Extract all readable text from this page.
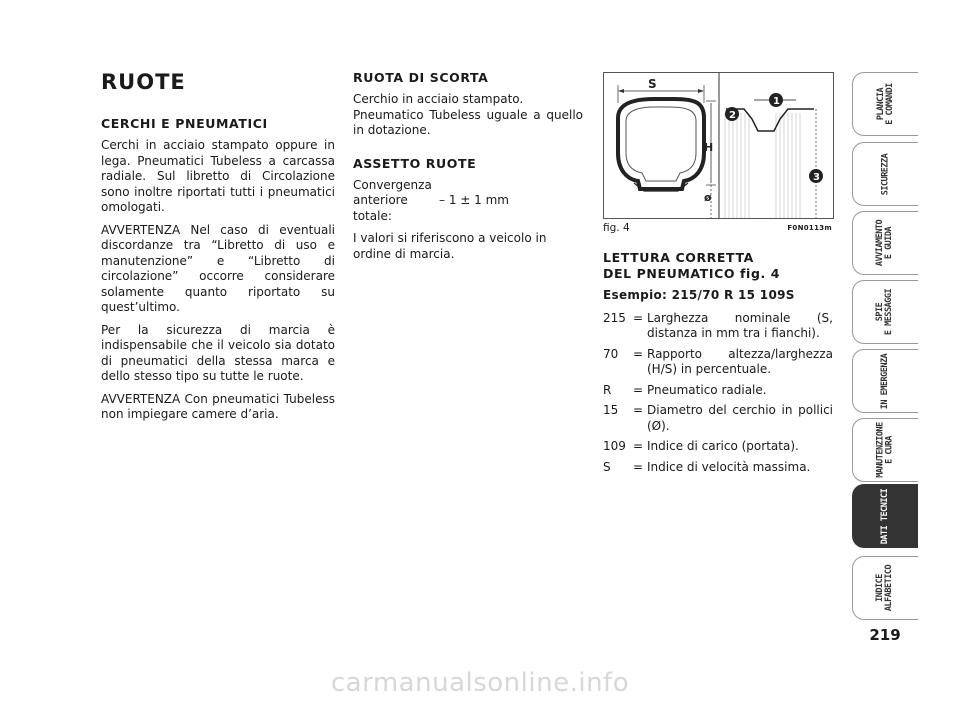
RUOTE
CERCHI E PNEUMATICI

Cerchi in acciaio stampato oppure in lega. Pneumatici Tubeless a carcassa radiale. Sul libretto di Circolazione sono inoltre riportati tutti i pneumatici omologati.

AVVERTENZA Nel caso di eventuali discordanze tra “Libretto di uso e manutenzione” e “Libretto di circolazione” occorre considerare solamente quanto riportato su quest’ultimo.

Per la sicurezza di marcia è indispensabile che il veicolo sia dotato di pneumatici della stessa marca e dello stesso tipo su tutte le ruote.

AVVERTENZA Con pneumatici Tubeless non impiegare camere d’aria.

RUOTA DI SCORTA

Cerchio in acciaio stampato.

Pneumatico Tubeless uguale a quello in dotazione.

ASSETTO RUOTE
Convergenza
anteriore totale:
– 1 ± 1 mm

I valori si riferiscono a veicolo in ordine di marcia.

S
H
ø
1
2
3
fig. 4	F0N0113m
LETTURA CORRETTA
DEL PNEUMATICO fig. 4
Esempio: 215/70 R 15 109S
215 = Larghezza nominale (S, distanza in mm tra i fianchi).
70	= Rapporto altezza/larghezza (H/S) in percentuale.
R	= Pneumatico radiale.
15	= Diametro del cerchio in pollici (Ø).
109 = Indice di carico (portata).
S	= Indice di velocità massima.
PLANCIA
E COMANDI
SICUREZZA
AVVIAMENTO
E GUIDA
SPIE
E MESSAGGI
IN EMERGENZA
MANUTENZIONE
E CURA
DATI TECNICI
INDICE
ALFABETICO
219
carmanualsonline.info
